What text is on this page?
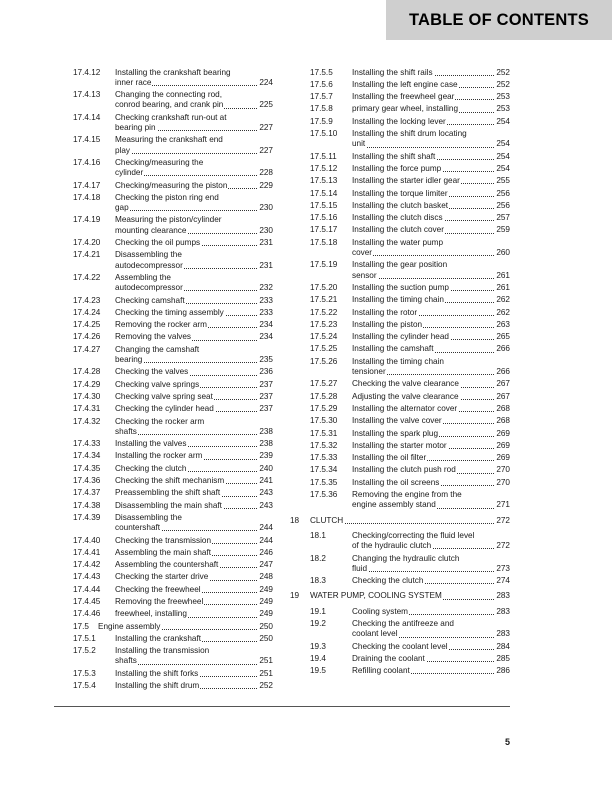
TABLE OF CONTENTS
17.4.12 Installing the crankshaft bearing
inner race	224
17.4.13 Changing the connecting rod,
conrod bearing, and crank pin	225
17.4.14 Checking crankshaft run-out at
bearing pin	227
17.4.15 Measuring the crankshaft end
play	227
17.4.16 Checking/measuring the
cylinder	228
17.4.17 Checking/measuring the piston	229
17.4.18 Checking the piston ring end
gap	230
17.4.19 Measuring the piston/cylinder
mounting clearance	230
17.4.20 Checking the oil pumps	231
17.4.21 Disassembling the
autodecompressor	231
17.4.22 Assembling the
autodecompressor	232
17.4.23 Checking camshaft	233
17.4.24 Checking the timing assembly	233
17.4.25 Removing the rocker arm	234
17.4.26 Removing the valves	234
17.4.27 Changing the camshaft
bearing	235
17.4.28 Checking the valves	236
17.4.29 Checking valve springs	237
17.4.30 Checking valve spring seat	237
17.4.31 Checking the cylinder head	237
17.4.32 Checking the rocker arm
shafts	238
17.4.33 Installing the valves	238
17.4.34 Installing the rocker arm	239
17.4.35 Checking the clutch	240
17.4.36 Checking the shift mechanism	241
17.4.37 Preassembling the shift shaft	243
17.4.38 Disassembling the main shaft	243
17.4.39 Disassembling the
countershaft	244
17.4.40 Checking the transmission	244
17.4.41 Assembling the main shaft	246
17.4.42 Assembling the countershaft	247
17.4.43 Checking the starter drive	248
17.4.44 Checking the freewheel	249
17.4.45 Removing the freewheel	249
17.4.46 freewheel, installing	249
17.5 Engine assembly	250
17.5.1 Installing the crankshaft	250
17.5.2 Installing the transmission
shafts	251
17.5.3 Installing the shift forks	251
17.5.4 Installing the shift drum	252
17.5.5 Installing the shift rails	252
17.5.6 Installing the left engine case	252
17.5.7 Installing the freewheel gear	253
17.5.8 primary gear wheel, installing	253
17.5.9 Installing the locking lever	254
17.5.10 Installing the shift drum locating
unit	254
17.5.11 Installing the shift shaft	254
17.5.12 Installing the force pump	254
17.5.13 Installing the starter idler gear	255
17.5.14 Installing the torque limiter	256
17.5.15 Installing the clutch basket	256
17.5.16 Installing the clutch discs	257
17.5.17 Installing the clutch cover	259
17.5.18 Installing the water pump
cover	260
17.5.19 Installing the gear position
sensor	261
17.5.20 Installing the suction pump	261
17.5.21 Installing the timing chain	262
17.5.22 Installing the rotor	262
17.5.23 Installing the piston	263
17.5.24 Installing the cylinder head	265
17.5.25 Installing the camshaft	266
17.5.26 Installing the timing chain
tensioner	266
17.5.27 Checking the valve clearance	267
17.5.28 Adjusting the valve clearance	267
17.5.29 Installing the alternator cover	268
17.5.30 Installing the valve cover	268
17.5.31 Installing the spark plug	269
17.5.32 Installing the starter motor	269
17.5.33 Installing the oil filter	269
17.5.34 Installing the clutch push rod	270
17.5.35 Installing the oil screens	270
17.5.36 Removing the engine from the
engine assembly stand	271
18 CLUTCH	272
18.1	Checking/correcting the fluid level
of the hydraulic clutch	272
18.2	Changing the hydraulic clutch
fluid	273
18.3	Checking the clutch	274
19 WATER PUMP, COOLING SYSTEM	283
19.1	Cooling system	283
19.2	Checking the antifreeze and
coolant level	283
19.3	Checking the coolant level	284
19.4	Draining the coolant	285
19.5	Refilling coolant	286
5
